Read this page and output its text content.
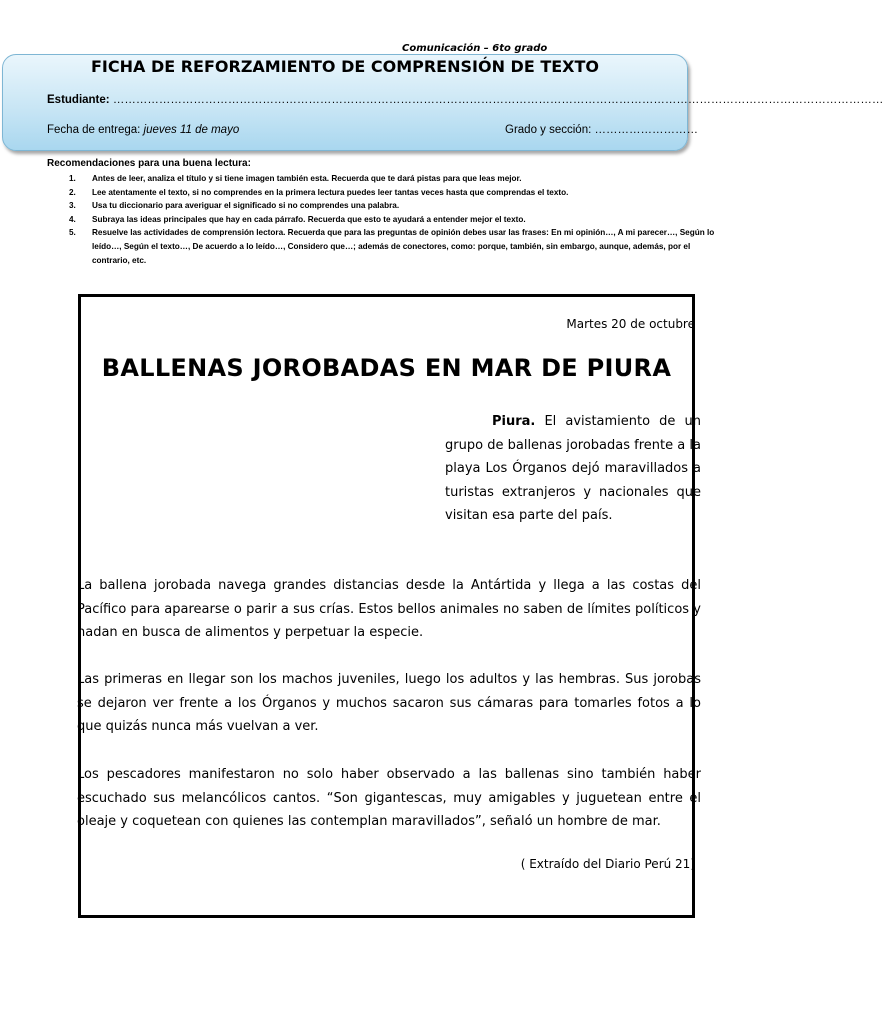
Comunicación – 6to grado
FICHA DE REFORZAMIENTO DE COMPRENSIÓN DE TEXTO
Estudiante: …………………………………………………………………………………………………………………………………………………………………………………
Fecha de entrega: jueves 11 de mayo	Grado y sección: ………………………
Recomendaciones para una buena lectura:
1. Antes de leer, analiza el título y si tiene imagen también esta. Recuerda que te dará pistas para que leas mejor.
2. Lee atentamente el texto, si no comprendes en la primera lectura puedes leer tantas veces hasta que comprendas el texto.
3. Usa tu diccionario para averiguar el significado si no comprendes una palabra.
4. Subraya las ideas principales que hay en cada párrafo. Recuerda que esto te ayudará a entender mejor el texto.
5. Resuelve las actividades de comprensión lectora. Recuerda que para las preguntas de opinión debes usar las frases: En mi opinión…, A mi parecer…, Según lo leído…, Según el texto…, De acuerdo a lo leído…, Considero que…; además de conectores, como: porque, también, sin embargo, aunque, además, por el contrario, etc.
Martes 20 de octubre
BALLENAS JOROBADAS EN MAR DE PIURA
Piura. El avistamiento de un grupo de ballenas jorobadas frente a la playa Los Órganos dejó maravillados a turistas extranjeros y nacionales que visitan esa parte del país.
La ballena jorobada navega grandes distancias desde la Antártida y llega a las costas del Pacífico para aparearse o parir a sus crías. Estos bellos animales no saben de límites políticos y nadan en busca de alimentos y perpetuar la especie.
Las primeras en llegar son los machos juveniles, luego los adultos y las hembras. Sus jorobas se dejaron ver frente a los Órganos y muchos sacaron sus cámaras para tomarles fotos a lo que quizás nunca más vuelvan a ver.
Los pescadores manifestaron no solo haber observado a las ballenas sino también haber escuchado sus melancólicos cantos. “Son gigantescas, muy amigables y juguetean entre el oleaje y coquetean con quienes las contemplan maravillados”, señaló un hombre de mar.
( Extraído del Diario Perú 21)
